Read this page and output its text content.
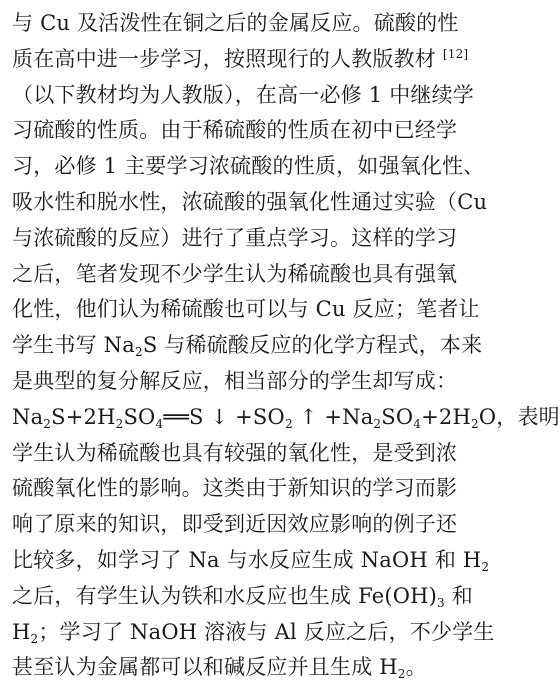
与 Cu 及活泼性在铜之后的金属反应。硫酸的性
质在高中进一步学习，按照现行的人教版教材 [12]
（以下教材均为人教版），在高一必修 1 中继续学
习硫酸的性质。由于稀硫酸的性质在初中已经学
习，必修 1 主要学习浓硫酸的性质，如强氧化性、
吸水性和脱水性，浓硫酸的强氧化性通过实验（Cu
与浓硫酸的反应）进行了重点学习。这样的学习
之后，笔者发现不少学生认为稀硫酸也具有强氧
化性，他们认为稀硫酸也可以与 Cu 反应；笔者让
学生书写 $Na_2S$ 与稀硫酸反应的化学方程式，本来
是典型的复分解反应，相当部分的学生却写成：
$Na_2S+2H_2SO_4══S$ ↓ $+SO_2$ ↑ $+Na_2SO_4+2H_2O$，表明
学生认为稀硫酸也具有较强的氧化性，是受到浓
硫酸氧化性的影响。这类由于新知识的学习而影
响了原来的知识，即受到近因效应影响的例子还
比较多，如学习了 Na 与水反应生成 NaOH 和 $H_2$
之后，有学生认为铁和水反应也生成 $Fe(OH)_3$ 和
$H_2$；学习了 NaOH 溶液与 Al 反应之后，不少学生
甚至认为金属都可以和碱反应并且生成 $H_2$。
